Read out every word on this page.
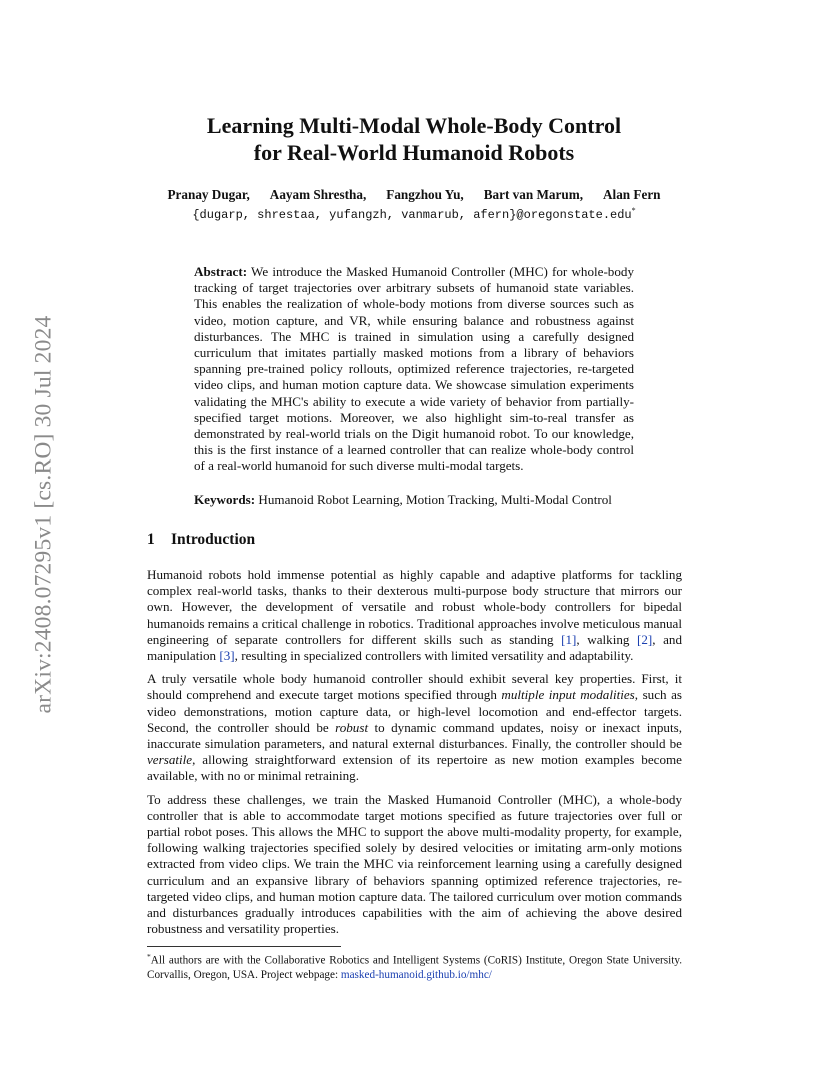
arXiv:2408.07295v1 [cs.RO] 30 Jul 2024
Learning Multi-Modal Whole-Body Control
for Real-World Humanoid Robots
Pranay Dugar, Aayam Shrestha, Fangzhou Yu, Bart van Marum, Alan Fern
{dugarp, shrestaa, yufangzh, vanmarub, afern}@oregonstate.edu*

Abstract: We introduce the Masked Humanoid Controller (MHC) for whole-body tracking of target trajectories over arbitrary subsets of humanoid state variables. This enables the realization of whole-body motions from diverse sources such as video, motion capture, and VR, while ensuring balance and robustness against disturbances. The MHC is trained in simulation using a carefully designed curriculum that imitates partially masked motions from a library of behaviors spanning pre-trained policy rollouts, optimized reference trajectories, re-targeted video clips, and human motion capture data. We showcase simulation experiments validating the MHC's ability to execute a wide variety of behavior from partially-specified target motions. Moreover, we also highlight sim-to-real transfer as demonstrated by real-world trials on the Digit humanoid robot. To our knowledge, this is the first instance of a learned controller that can realize whole-body control of a real-world humanoid for such diverse multi-modal targets.

Keywords: Humanoid Robot Learning, Motion Tracking, Multi-Modal Control

1 Introduction

Humanoid robots hold immense potential as highly capable and adaptive platforms for tackling complex real-world tasks, thanks to their dexterous multi-purpose body structure that mirrors our own. However, the development of versatile and robust whole-body controllers for bipedal humanoids remains a critical challenge in robotics. Traditional approaches involve meticulous manual engineering of separate controllers for different skills such as standing [1], walking [2], and manipulation [3], resulting in specialized controllers with limited versatility and adaptability.

A truly versatile whole body humanoid controller should exhibit several key properties. First, it should comprehend and execute target motions specified through multiple input modalities, such as video demonstrations, motion capture data, or high-level locomotion and end-effector targets. Second, the controller should be robust to dynamic command updates, noisy or inexact inputs, inaccurate simulation parameters, and natural external disturbances. Finally, the controller should be versatile, allowing straightforward extension of its repertoire as new motion examples become available, with no or minimal retraining.

To address these challenges, we train the Masked Humanoid Controller (MHC), a whole-body controller that is able to accommodate target motions specified as future trajectories over full or partial robot poses. This allows the MHC to support the above multi-modality property, for example, following walking trajectories specified solely by desired velocities or imitating arm-only motions extracted from video clips. We train the MHC via reinforcement learning using a carefully designed curriculum and an expansive library of behaviors spanning optimized reference trajectories, re-targeted video clips, and human motion capture data. The tailored curriculum over motion commands and disturbances gradually introduces capabilities with the aim of achieving the above desired robustness and versatility properties.

*All authors are with the Collaborative Robotics and Intelligent Systems (CoRIS) Institute, Oregon State University. Corvallis, Oregon, USA. Project webpage: masked-humanoid.github.io/mhc/
